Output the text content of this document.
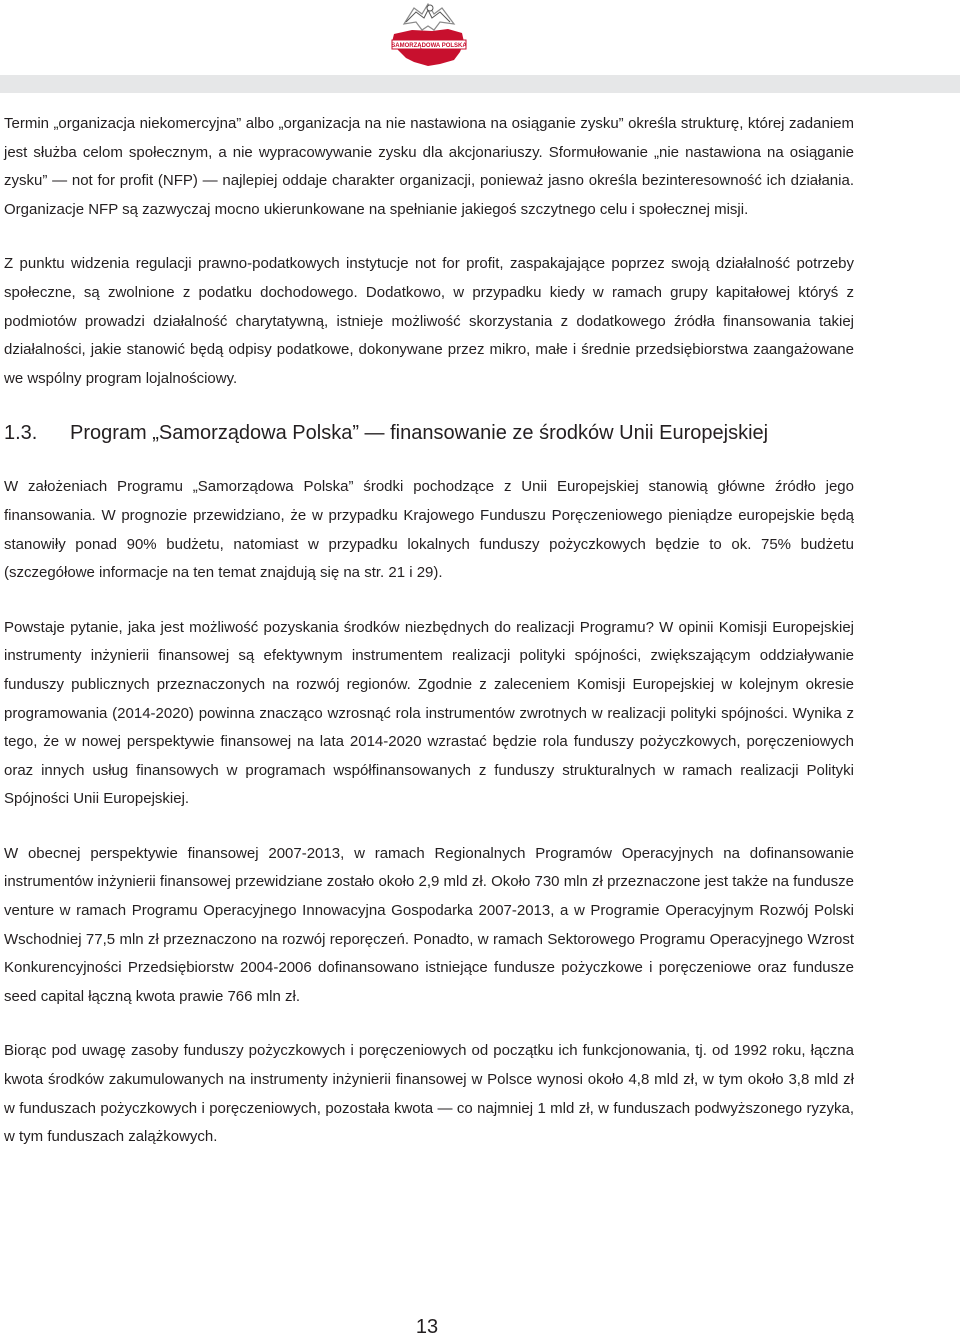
SAMORZĄDOWA POLSKA

Termin „organizacja niekomercyjna” albo „organizacja na nie nastawiona na osiąganie zysku” określa strukturę, której zadaniem jest służba celom społecznym, a nie wypracowywanie zysku dla akcjonariuszy. Sformułowanie „nie nastawiona na osiąganie zysku” — not for profit (NFP) — najlepiej oddaje charakter organizacji, ponieważ jasno określa bezinteresowność ich działania. Organizacje NFP są zazwyczaj mocno ukierunkowane na spełnianie jakiegoś szczytnego celu i społecznej misji.

Z punktu widzenia regulacji prawno-podatkowych instytucje not for profit, zaspakajające poprzez swoją działalność potrzeby społeczne, są zwolnione z podatku dochodowego. Dodatkowo, w przypadku kiedy w ramach grupy kapitałowej któryś z podmiotów prowadzi działalność charytatywną, istnieje możliwość skorzystania z dodatkowego źródła finansowania takiej działalności, jakie stanowić będą odpisy podatkowe, dokonywane przez mikro, małe i średnie przedsiębiorstwa zaangażowane we wspólny program lojalnościowy.

1.3.	Program „Samorządowa Polska” — finansowanie ze środków Unii Europejskiej

W założeniach Programu „Samorządowa Polska” środki pochodzące z Unii Europejskiej stanowią główne źródło jego finansowania. W prognozie przewidziano, że w przypadku Krajowego Funduszu Poręczeniowego pieniądze europejskie będą stanowiły ponad 90% budżetu, natomiast w przypadku lokalnych funduszy pożyczkowych będzie to ok. 75% budżetu (szczegółowe informacje na ten temat znajdują się na str. 21 i 29).

Powstaje pytanie, jaka jest możliwość pozyskania środków niezbędnych do realizacji Programu? W opinii Komisji Europejskiej instrumenty inżynierii finansowej są efektywnym instrumentem realizacji polityki spójności, zwiększającym oddziaływanie funduszy publicznych przeznaczonych na rozwój regionów. Zgodnie z zaleceniem Komisji Europejskiej w kolejnym okresie programowania (2014-2020) powinna znacząco wzrosnąć rola instrumentów zwrotnych w realizacji polityki spójności. Wynika z tego, że w nowej perspektywie finansowej na lata 2014-2020 wzrastać będzie rola funduszy pożyczkowych, poręczeniowych oraz innych usług finansowych w programach współfinansowanych z funduszy strukturalnych w ramach realizacji Polityki Spójności Unii Europejskiej.

W obecnej perspektywie finansowej 2007-2013, w ramach Regionalnych Programów Operacyjnych na dofinansowanie instrumentów inżynierii finansowej przewidziane zostało około 2,9 mld zł. Około 730 mln zł przeznaczone jest także na fundusze venture w ramach Programu Operacyjnego Innowacyjna Gospodarka 2007-2013, a w Programie Operacyjnym Rozwój Polski Wschodniej 77,5 mln zł przeznaczono na rozwój reporęczeń. Ponadto, w ramach Sektorowego Programu Operacyjnego Wzrost Konkurencyjności Przedsiębiorstw 2004-2006 dofinansowano istniejące fundusze pożyczkowe i poręczeniowe oraz fundusze seed capital łączną kwota prawie 766 mln zł.

Biorąc pod uwagę zasoby funduszy pożyczkowych i poręczeniowych od początku ich funkcjonowania, tj. od 1992 roku, łączna kwota środków zakumulowanych na instrumenty inżynierii finansowej w Polsce wynosi około 4,8 mld zł, w tym około 3,8 mld zł w funduszach pożyczkowych i poręczeniowych, pozostała kwota — co najmniej 1 mld zł, w funduszach podwyższonego ryzyka, w tym funduszach zalążkowych.

13
